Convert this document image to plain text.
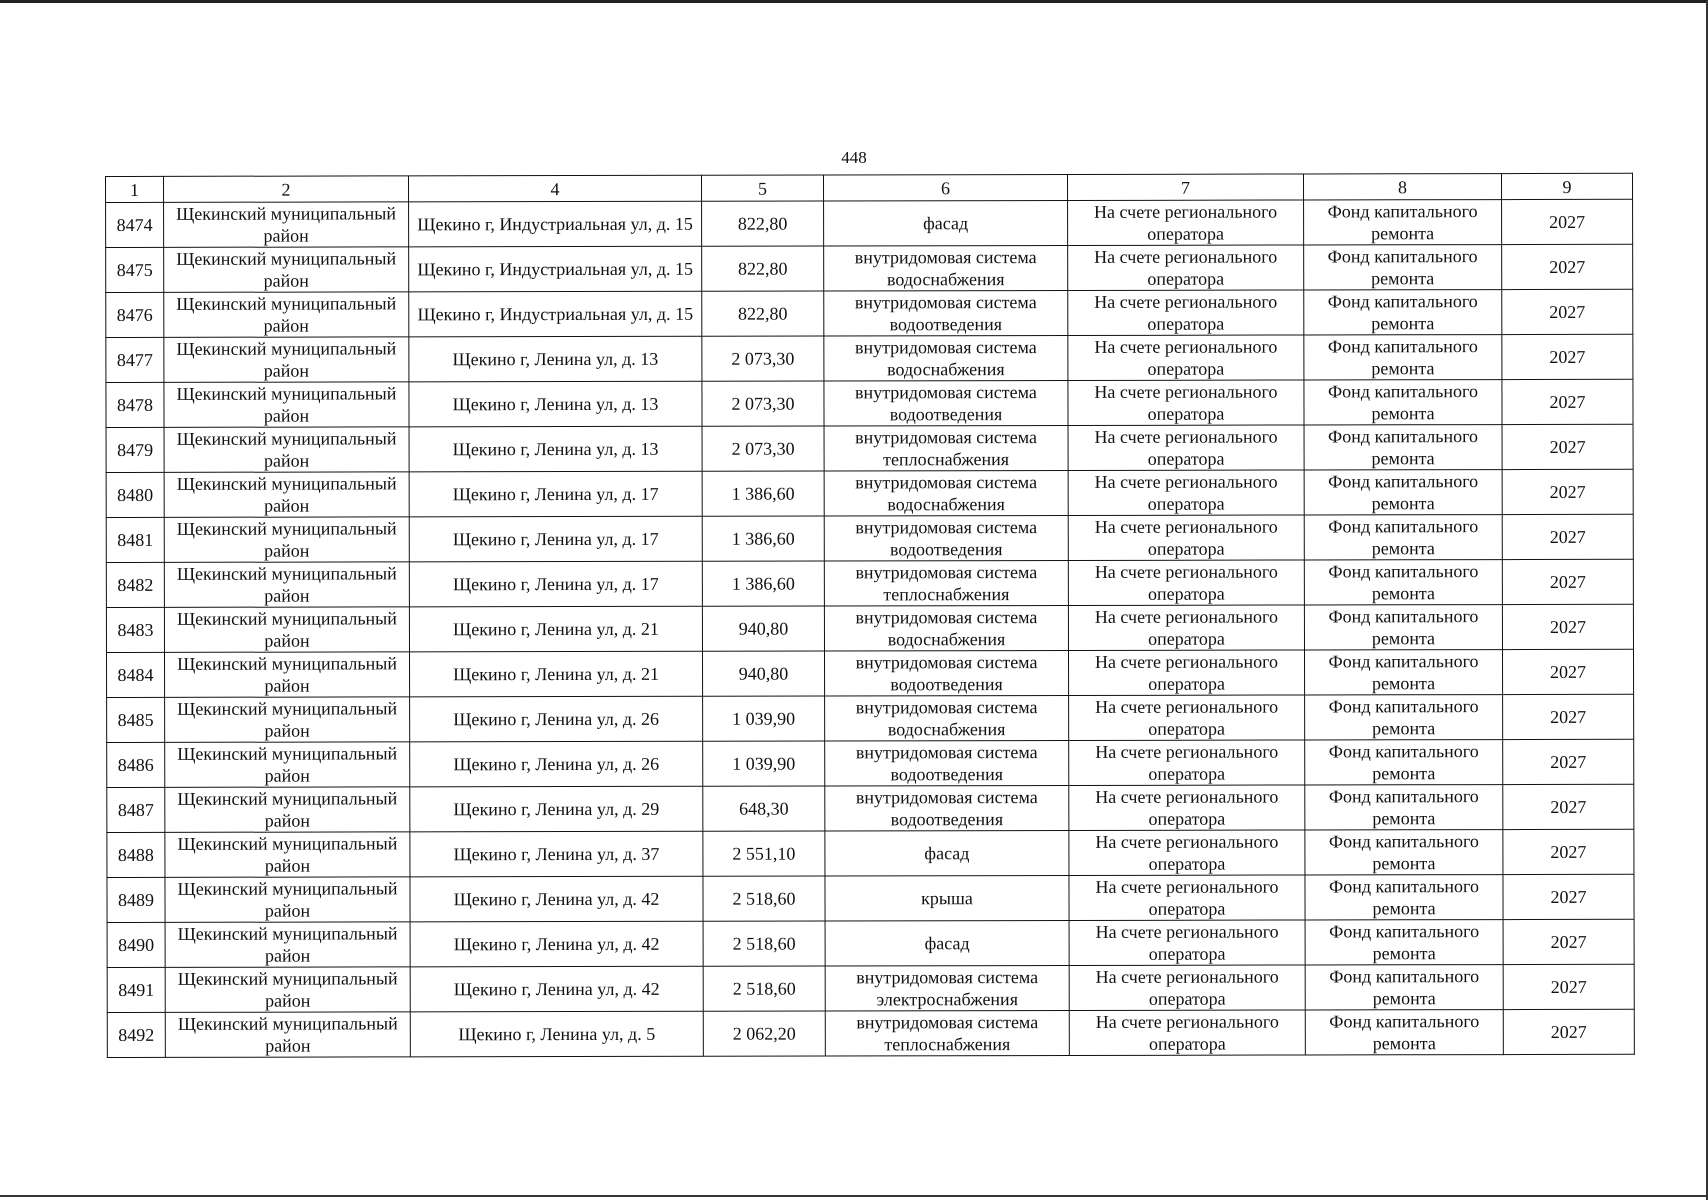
448
1	2	4	5	6	7	8	9
8474	Щекинский муниципальный район	Щекино г, Индустриальная ул, д. 15	822,80	фасад	На счете регионального оператора	Фонд капитального ремонта	2027
8475	Щекинский муниципальный район	Щекино г, Индустриальная ул, д. 15	822,80	внутридомовая система водоснабжения	На счете регионального оператора	Фонд капитального ремонта	2027
8476	Щекинский муниципальный район	Щекино г, Индустриальная ул, д. 15	822,80	внутридомовая система водоотведения	На счете регионального оператора	Фонд капитального ремонта	2027
8477	Щекинский муниципальный район	Щекино г, Ленина ул, д. 13	2 073,30	внутридомовая система водоснабжения	На счете регионального оператора	Фонд капитального ремонта	2027
8478	Щекинский муниципальный район	Щекино г, Ленина ул, д. 13	2 073,30	внутридомовая система водоотведения	На счете регионального оператора	Фонд капитального ремонта	2027
8479	Щекинский муниципальный район	Щекино г, Ленина ул, д. 13	2 073,30	внутридомовая система теплоснабжения	На счете регионального оператора	Фонд капитального ремонта	2027
8480	Щекинский муниципальный район	Щекино г, Ленина ул, д. 17	1 386,60	внутридомовая система водоснабжения	На счете регионального оператора	Фонд капитального ремонта	2027
8481	Щекинский муниципальный район	Щекино г, Ленина ул, д. 17	1 386,60	внутридомовая система водоотведения	На счете регионального оператора	Фонд капитального ремонта	2027
8482	Щекинский муниципальный район	Щекино г, Ленина ул, д. 17	1 386,60	внутридомовая система теплоснабжения	На счете регионального оператора	Фонд капитального ремонта	2027
8483	Щекинский муниципальный район	Щекино г, Ленина ул, д. 21	940,80	внутридомовая система водоснабжения	На счете регионального оператора	Фонд капитального ремонта	2027
8484	Щекинский муниципальный район	Щекино г, Ленина ул, д. 21	940,80	внутридомовая система водоотведения	На счете регионального оператора	Фонд капитального ремонта	2027
8485	Щекинский муниципальный район	Щекино г, Ленина ул, д. 26	1 039,90	внутридомовая система водоснабжения	На счете регионального оператора	Фонд капитального ремонта	2027
8486	Щекинский муниципальный район	Щекино г, Ленина ул, д. 26	1 039,90	внутридомовая система водоотведения	На счете регионального оператора	Фонд капитального ремонта	2027
8487	Щекинский муниципальный район	Щекино г, Ленина ул, д. 29	648,30	внутридомовая система водоотведения	На счете регионального оператора	Фонд капитального ремонта	2027
8488	Щекинский муниципальный район	Щекино г, Ленина ул, д. 37	2 551,10	фасад	На счете регионального оператора	Фонд капитального ремонта	2027
8489	Щекинский муниципальный район	Щекино г, Ленина ул, д. 42	2 518,60	крыша	На счете регионального оператора	Фонд капитального ремонта	2027
8490	Щекинский муниципальный район	Щекино г, Ленина ул, д. 42	2 518,60	фасад	На счете регионального оператора	Фонд капитального ремонта	2027
8491	Щекинский муниципальный район	Щекино г, Ленина ул, д. 42	2 518,60	внутридомовая система электроснабжения	На счете регионального оператора	Фонд капитального ремонта	2027
8492	Щекинский муниципальный район	Щекино г, Ленина ул, д. 5	2 062,20	внутридомовая система теплоснабжения	На счете регионального оператора	Фонд капитального ремонта	2027
